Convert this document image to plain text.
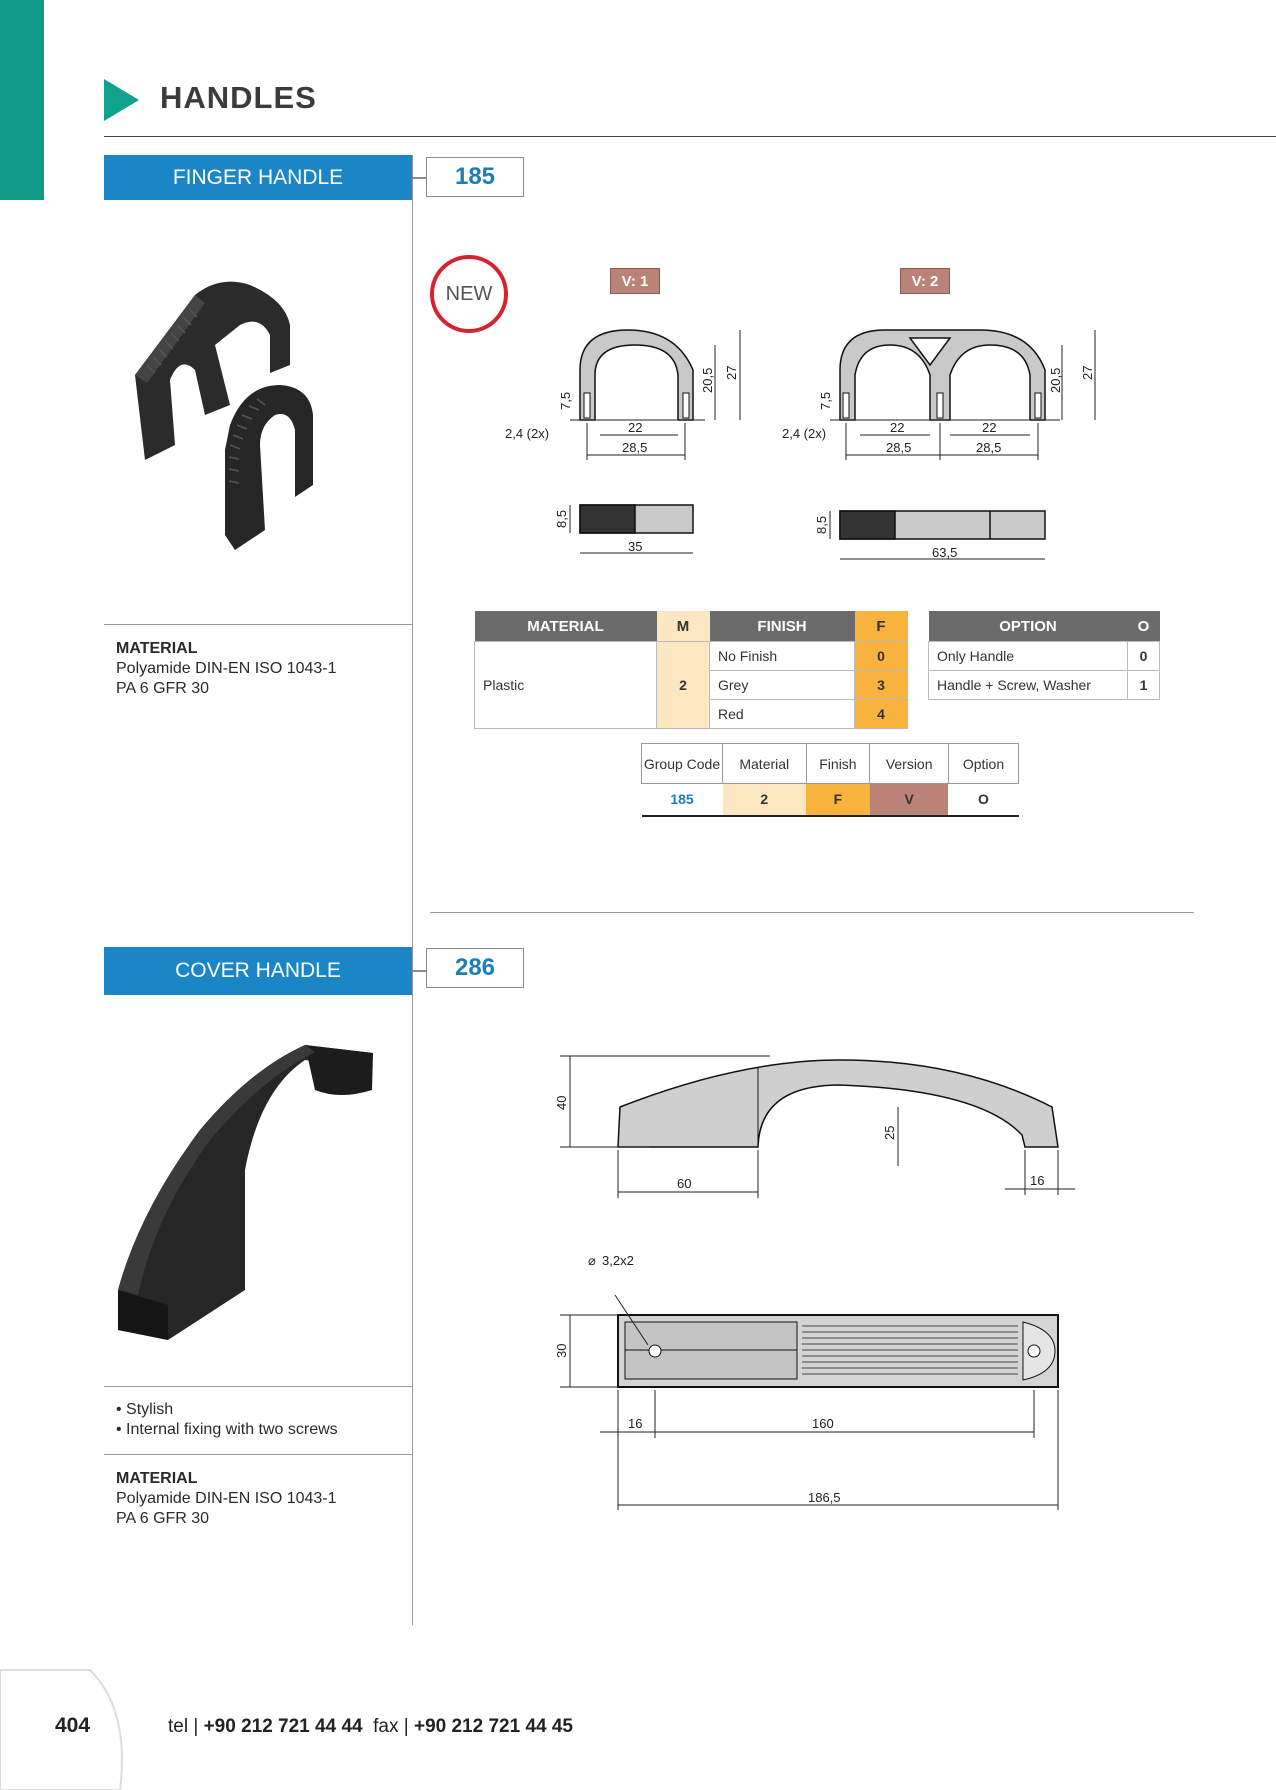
HANDLES
FINGER HANDLE	185
MATERIAL
Polyamide DIN-EN ISO 1043-1
PA 6 GFR 30
NEW
V: 1	V: 2
2,4 (2x)
7,5
22
28,5
20,5 27
2,4 (2x)
7,5
22	22
28,5	28,5
20,5 27
8,5
35
8,5
63,5
MATERIAL	M	FINISH	F
Plastic	2	No Finish	0
		Grey	3
		Red	4
OPTION	O
Only Handle	0
Handle + Screw, Washer	1
Group Code	Material	Finish	Version	Option
185	2	F	V	O
COVER HANDLE	286
• Stylish
• Internal fixing with two screws
MATERIAL
Polyamide DIN-EN ISO 1043-1
PA 6 GFR 30
40
25
60	16
30
⌀ 3,2x2
16	160
186,5
404	tel | +90 212 721 44 44 fax | +90 212 721 44 45
